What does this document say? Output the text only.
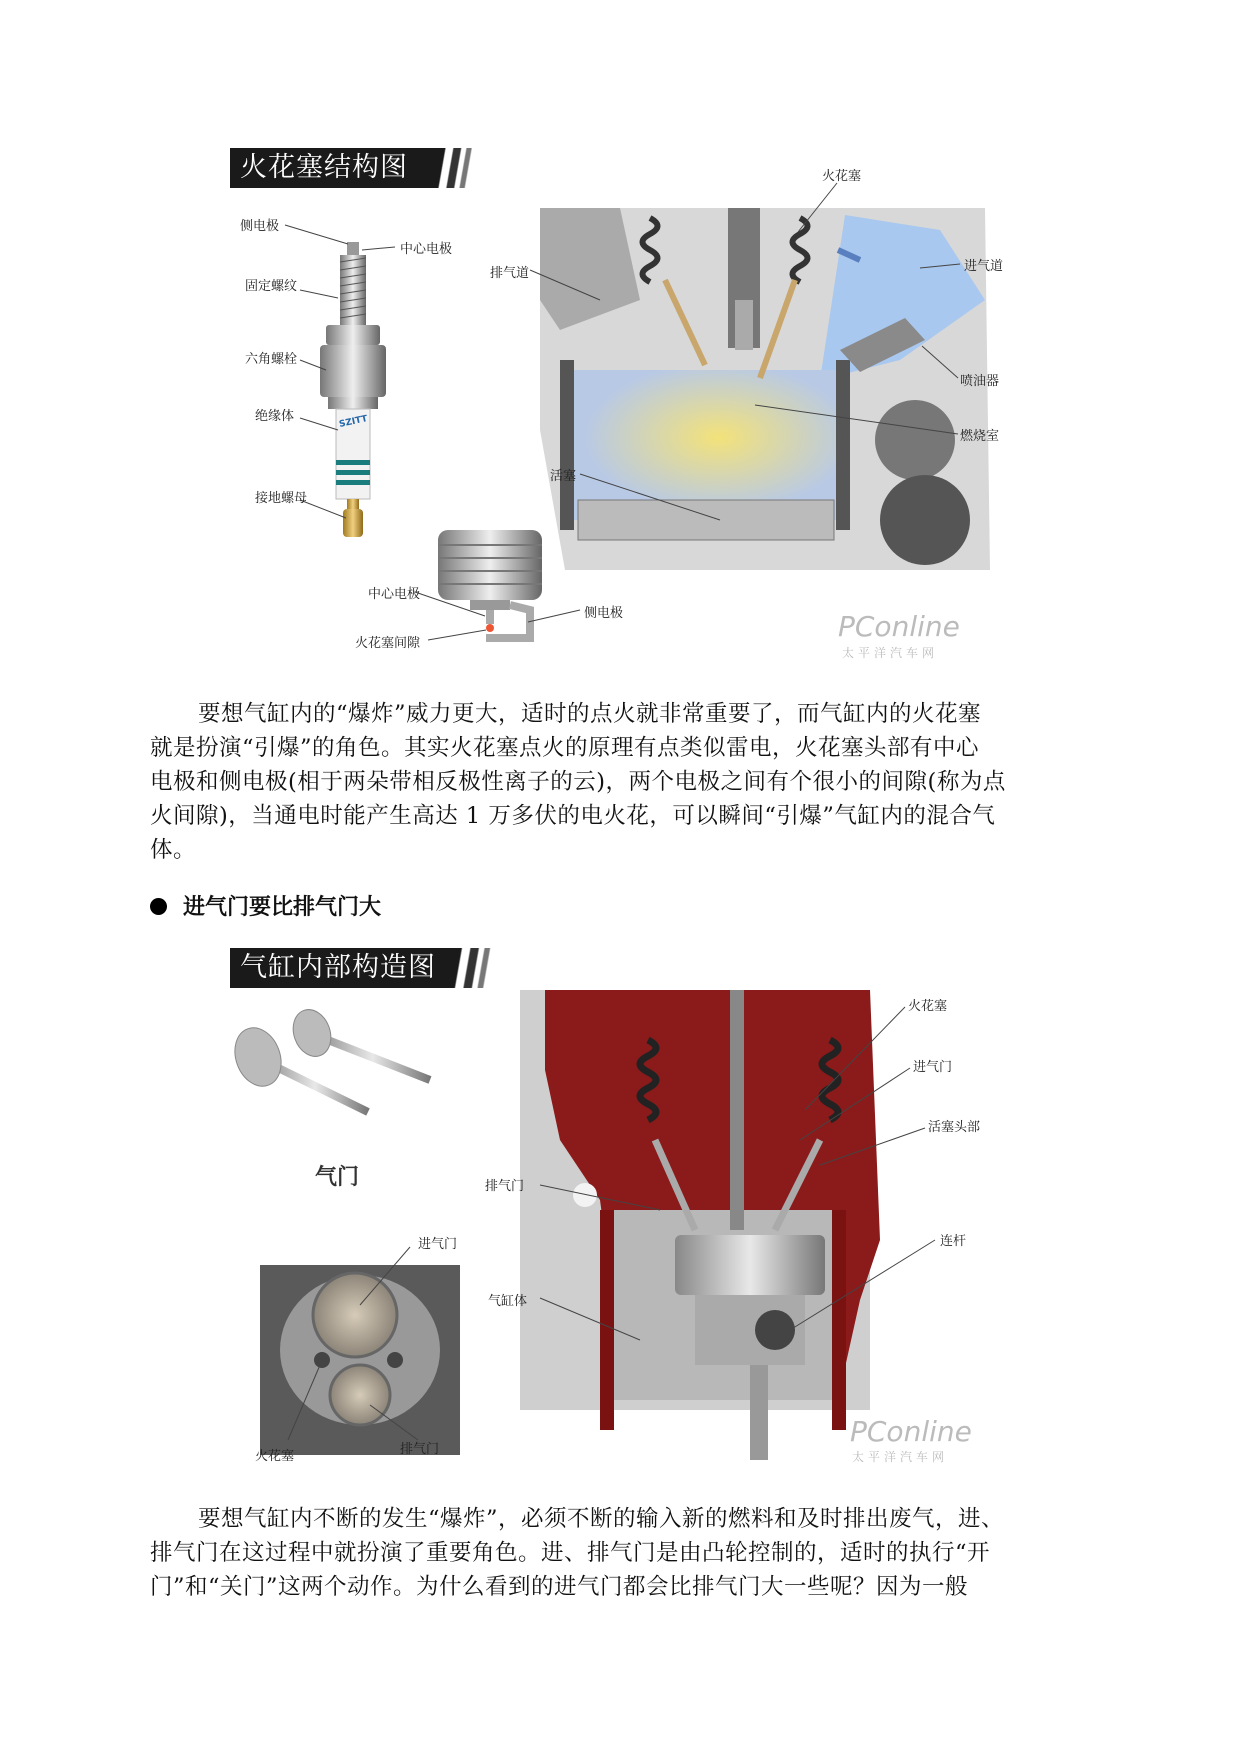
火花塞结构图
侧电极
中心电极
固定螺纹
六角螺栓
绝缘体
接地螺母
SZITT
火花塞
排气道	进气道
喷油器
燃烧室
活塞
中心电极
火花塞间隙
侧电极	PConline
太平洋汽车网
要想气缸内的“爆炸”威力更大，适时的点火就非常重要了，而气缸内的火花塞
就是扮演“引爆”的角色。其实火花塞点火的原理有点类似雷电，火花塞头部有中心
电极和侧电极(相于两朵带相反极性离子的云)，两个电极之间有个很小的间隙(称为点
火间隙)，当通电时能产生高达 1 万多伏的电火花，可以瞬间“引爆”气缸内的混合气
体。
进气门要比排气门大
气缸内部构造图
气门
进气门
火花塞	排气门
排气门
火花塞
进气门
活塞头部
气缸体
连杆
PConline
太平洋汽车网
要想气缸内不断的发生“爆炸”，必须不断的输入新的燃料和及时排出废气，进、
排气门在这过程中就扮演了重要角色。进、排气门是由凸轮控制的，适时的执行“开
门”和“关门”这两个动作。为什么看到的进气门都会比排气门大一些呢？因为一般
